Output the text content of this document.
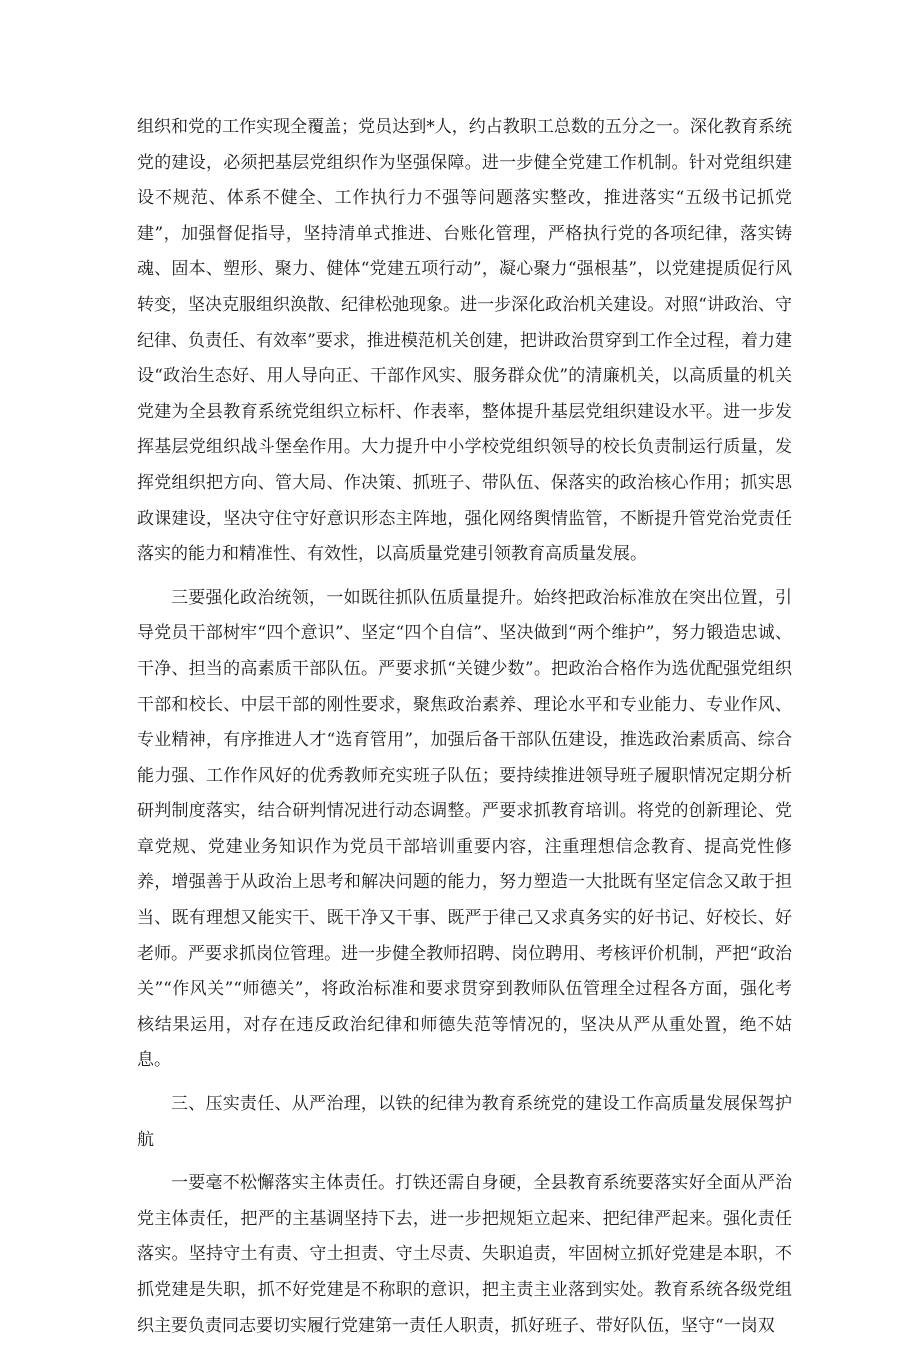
组织和党的工作实现全覆盖；党员达到*人，约占教职工总数的五分之一。深化教育系统党的建设，必须把基层党组织作为坚强保障。进一步健全党建工作机制。针对党组织建设不规范、体系不健全、工作执行力不强等问题落实整改，推进落实“五级书记抓党建”，加强督促指导，坚持清单式推进、台账化管理，严格执行党的各项纪律，落实铸魂、固本、塑形、聚力、健体“党建五项行动”，凝心聚力“强根基”，以党建提质促行风转变，坚决克服组织涣散、纪律松弛现象。进一步深化政治机关建设。对照“讲政治、守纪律、负责任、有效率”要求，推进模范机关创建，把讲政治贯穿到工作全过程，着力建设“政治生态好、用人导向正、干部作风实、服务群众优”的清廉机关，以高质量的机关党建为全县教育系统党组织立标杆、作表率，整体提升基层党组织建设水平。进一步发挥基层党组织战斗堡垒作用。大力提升中小学校党组织领导的校长负责制运行质量，发挥党组织把方向、管大局、作决策、抓班子、带队伍、保落实的政治核心作用；抓实思政课建设，坚决守住守好意识形态主阵地，强化网络舆情监管，不断提升管党治党责任落实的能力和精准性、有效性，以高质量党建引领教育高质量发展。

三要强化政治统领，一如既往抓队伍质量提升。始终把政治标准放在突出位置，引导党员干部树牢“四个意识”、坚定“四个自信”、坚决做到“两个维护”，努力锻造忠诚、干净、担当的高素质干部队伍。严要求抓“关键少数”。把政治合格作为选优配强党组织干部和校长、中层干部的刚性要求，聚焦政治素养、理论水平和专业能力、专业作风、专业精神，有序推进人才“选育管用”，加强后备干部队伍建设，推选政治素质高、综合能力强、工作作风好的优秀教师充实班子队伍；要持续推进领导班子履职情况定期分析研判制度落实，结合研判情况进行动态调整。严要求抓教育培训。将党的创新理论、党章党规、党建业务知识作为党员干部培训重要内容，注重理想信念教育、提高党性修养，增强善于从政治上思考和解决问题的能力，努力塑造一大批既有坚定信念又敢于担当、既有理想又能实干、既干净又干事、既严于律己又求真务实的好书记、好校长、好老师。严要求抓岗位管理。进一步健全教师招聘、岗位聘用、考核评价机制，严把“政治关”“作风关”“师德关”，将政治标准和要求贯穿到教师队伍管理全过程各方面，强化考核结果运用，对存在违反政治纪律和师德失范等情况的，坚决从严从重处置，绝不姑息。

三、压实责任、从严治理，以铁的纪律为教育系统党的建设工作高质量发展保驾护航

一要毫不松懈落实主体责任。打铁还需自身硬，全县教育系统要落实好全面从严治党主体责任，把严的主基调坚持下去，进一步把规矩立起来、把纪律严起来。强化责任落实。坚持守土有责、守土担责、守土尽责、失职追责，牢固树立抓好党建是本职，不抓党建是失职，抓不好党建是不称职的意识，把主责主业落到实处。教育系统各级党组织主要负责同志要切实履行党建第一责任人职责，抓好班子、带好队伍，坚守“一岗双
